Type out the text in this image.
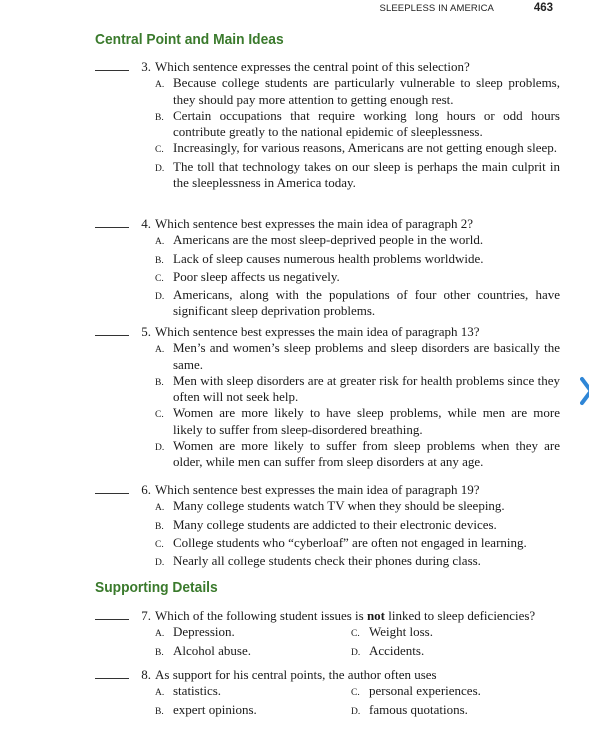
SLEEPLESS IN AMERICA	463
Central Point and Main Ideas
3. Which sentence expresses the central point of this selection?
A. Because college students are particularly vulnerable to sleep problems, they should pay more attention to getting enough rest.
B. Certain occupations that require working long hours or odd hours contribute greatly to the national epidemic of sleeplessness.
C. Increasingly, for various reasons, Americans are not getting enough sleep.
D. The toll that technology takes on our sleep is perhaps the main culprit in the sleeplessness in America today.
4. Which sentence best expresses the main idea of paragraph 2?
A. Americans are the most sleep-deprived people in the world.
B. Lack of sleep causes numerous health problems worldwide.
C. Poor sleep affects us negatively.
D. Americans, along with the populations of four other countries, have significant sleep deprivation problems.
5. Which sentence best expresses the main idea of paragraph 13?
A. Men’s and women’s sleep problems and sleep disorders are basically the same.
B. Men with sleep disorders are at greater risk for health problems since they often will not seek help.
C. Women are more likely to have sleep problems, while men are more likely to suffer from sleep-disordered breathing.
D. Women are more likely to suffer from sleep problems when they are older, while men can suffer from sleep disorders at any age.
6. Which sentence best expresses the main idea of paragraph 19?
A. Many college students watch TV when they should be sleeping.
B. Many college students are addicted to their electronic devices.
C. College students who “cyberloaf” are often not engaged in learning.
D. Nearly all college students check their phones during class.
Supporting Details
7. Which of the following student issues is not linked to sleep deficiencies?
A. Depression.	C. Weight loss.
B. Alcohol abuse.	D. Accidents.
8. As support for his central points, the author often uses
A. statistics.	C. personal experiences.
B. expert opinions.	D. famous quotations.
